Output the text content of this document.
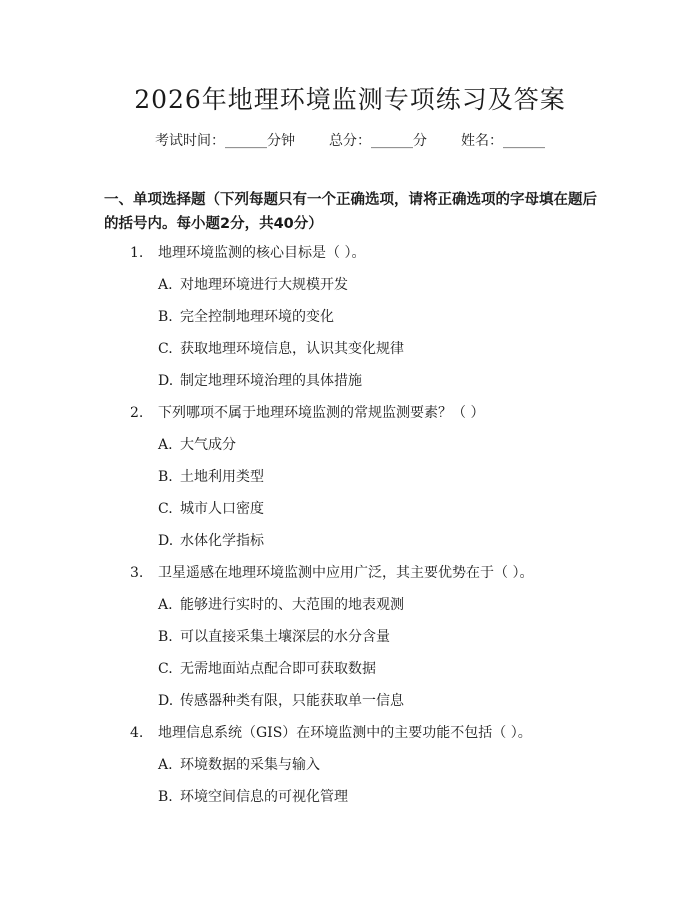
2026年地理环境监测专项练习及答案
考试时间：______分钟 总分：______分 姓名：______
一、单项选择题（下列每题只有一个正确选项，请将正确选项的字母填在题后的括号内。每小题2分，共40分）
1. 地理环境监测的核心目标是（ ）。
A. 对地理环境进行大规模开发
B. 完全控制地理环境的变化
C. 获取地理环境信息，认识其变化规律
D. 制定地理环境治理的具体措施
2. 下列哪项不属于地理环境监测的常规监测要素？（ ）
A. 大气成分
B. 土地利用类型
C. 城市人口密度
D. 水体化学指标
3. 卫星遥感在地理环境监测中应用广泛，其主要优势在于（ ）。
A. 能够进行实时的、大范围的地表观测
B. 可以直接采集土壤深层的水分含量
C. 无需地面站点配合即可获取数据
D. 传感器种类有限，只能获取单一信息
4. 地理信息系统（GIS）在环境监测中的主要功能不包括（ ）。
A. 环境数据的采集与输入
B. 环境空间信息的可视化管理
